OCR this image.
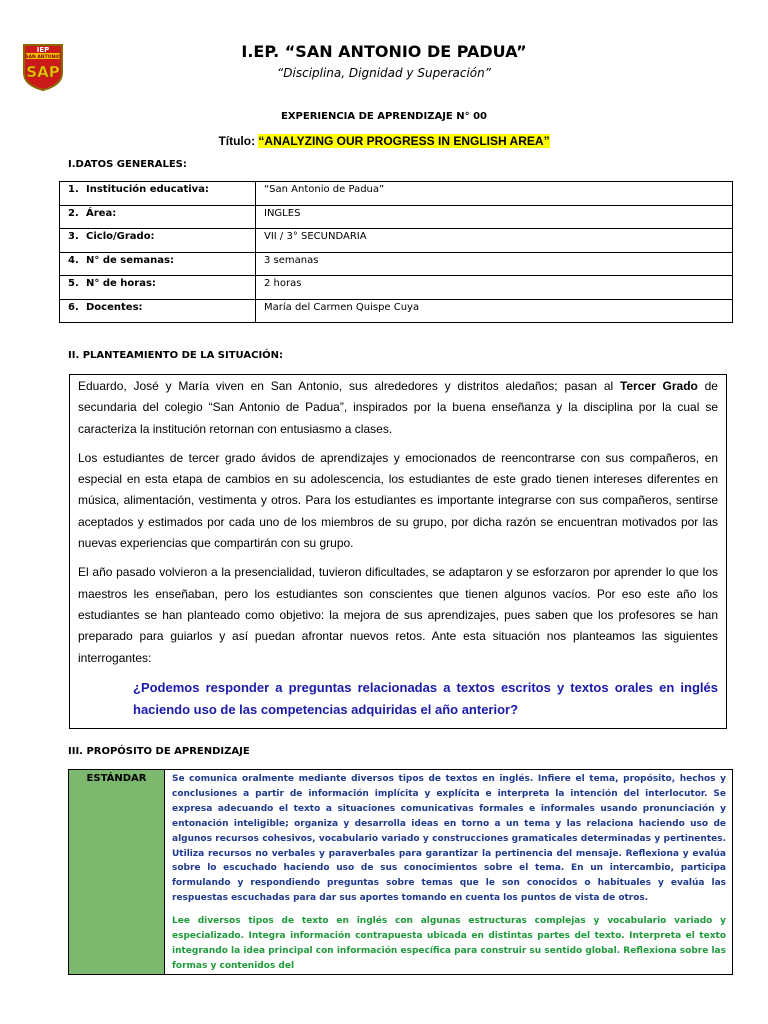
IEP
SAN ANTONIO
SAP
I.EP. “SAN ANTONIO DE PADUA”
“Disciplina, Dignidad y Superación”
EXPERIENCIA DE APRENDIZAJE N° 00
Título: “ANALYZING OUR PROGRESS IN ENGLISH AREA”
I.DATOS GENERALES:
1. Institución educativa:	“San Antonio de Padua”
2. Área:	INGLES
3. Ciclo/Grado:	VII / 3° SECUNDARIA
4. N° de semanas:	3 semanas
5. N° de horas:	2 horas
6. Docentes:	María del Carmen Quispe Cuya
II. PLANTEAMIENTO DE LA SITUACIÓN:

Eduardo, José y María viven en San Antonio, sus alrededores y distritos aledaños; pasan al Tercer Grado de secundaria del colegio “San Antonio de Padua”, inspirados por la buena enseñanza y la disciplina por la cual se caracteriza la institución retornan con entusiasmo a clases.

Los estudiantes de tercer grado ávidos de aprendizajes y emocionados de reencontrarse con sus compañeros, en especial en esta etapa de cambios en su adolescencia, los estudiantes de este grado tienen intereses diferentes en música, alimentación, vestimenta y otros. Para los estudiantes es importante integrarse con sus compañeros, sentirse aceptados y estimados por cada uno de los miembros de su grupo, por dicha razón se encuentran motivados por las nuevas experiencias que compartirán con su grupo.

El año pasado volvieron a la presencialidad, tuvieron dificultades, se adaptaron y se esforzaron por aprender lo que los maestros les enseñaban, pero los estudiantes son conscientes que tienen algunos vacíos. Por eso este año los estudiantes se han planteado como objetivo: la mejora de sus aprendizajes, pues saben que los profesores se han preparado para guiarlos y así puedan afrontar nuevos retos. Ante esta situación nos planteamos las siguientes interrogantes:

¿Podemos responder a preguntas relacionadas a textos escritos y textos orales en inglés haciendo uso de las competencias adquiridas el año anterior?
III. PROPÓSITO DE APRENDIZAJE
ESTÁNDAR	Se comunica oralmente mediante diversos tipos de textos en inglés. Infiere el tema, propósito, hechos y conclusiones a partir de información implícita y explícita e interpreta la intención del interlocutor. Se expresa adecuando el texto a situaciones comunicativas formales e informales usando pronunciación y entonación inteligible; organiza y desarrolla ideas en torno a un tema y las relaciona haciendo uso de algunos recursos cohesivos, vocabulario variado y construcciones gramaticales determinadas y pertinentes. Utiliza recursos no verbales y paraverbales para garantizar la pertinencia del mensaje. Reflexiona y evalúa sobre lo escuchado haciendo uso de sus conocimientos sobre el tema. En un intercambio, participa formulando y respondiendo preguntas sobre temas que le son conocidos o habituales y evalúa las respuestas escuchadas para dar sus aportes tomando en cuenta los puntos de vista de otros.

Lee diversos tipos de texto en inglés con algunas estructuras complejas y vocabulario variado y especializado. Integra información contrapuesta ubicada en distintas partes del texto. Interpreta el texto integrando la idea principal con información específica para construir su sentido global. Reflexiona sobre las formas y contenidos del
